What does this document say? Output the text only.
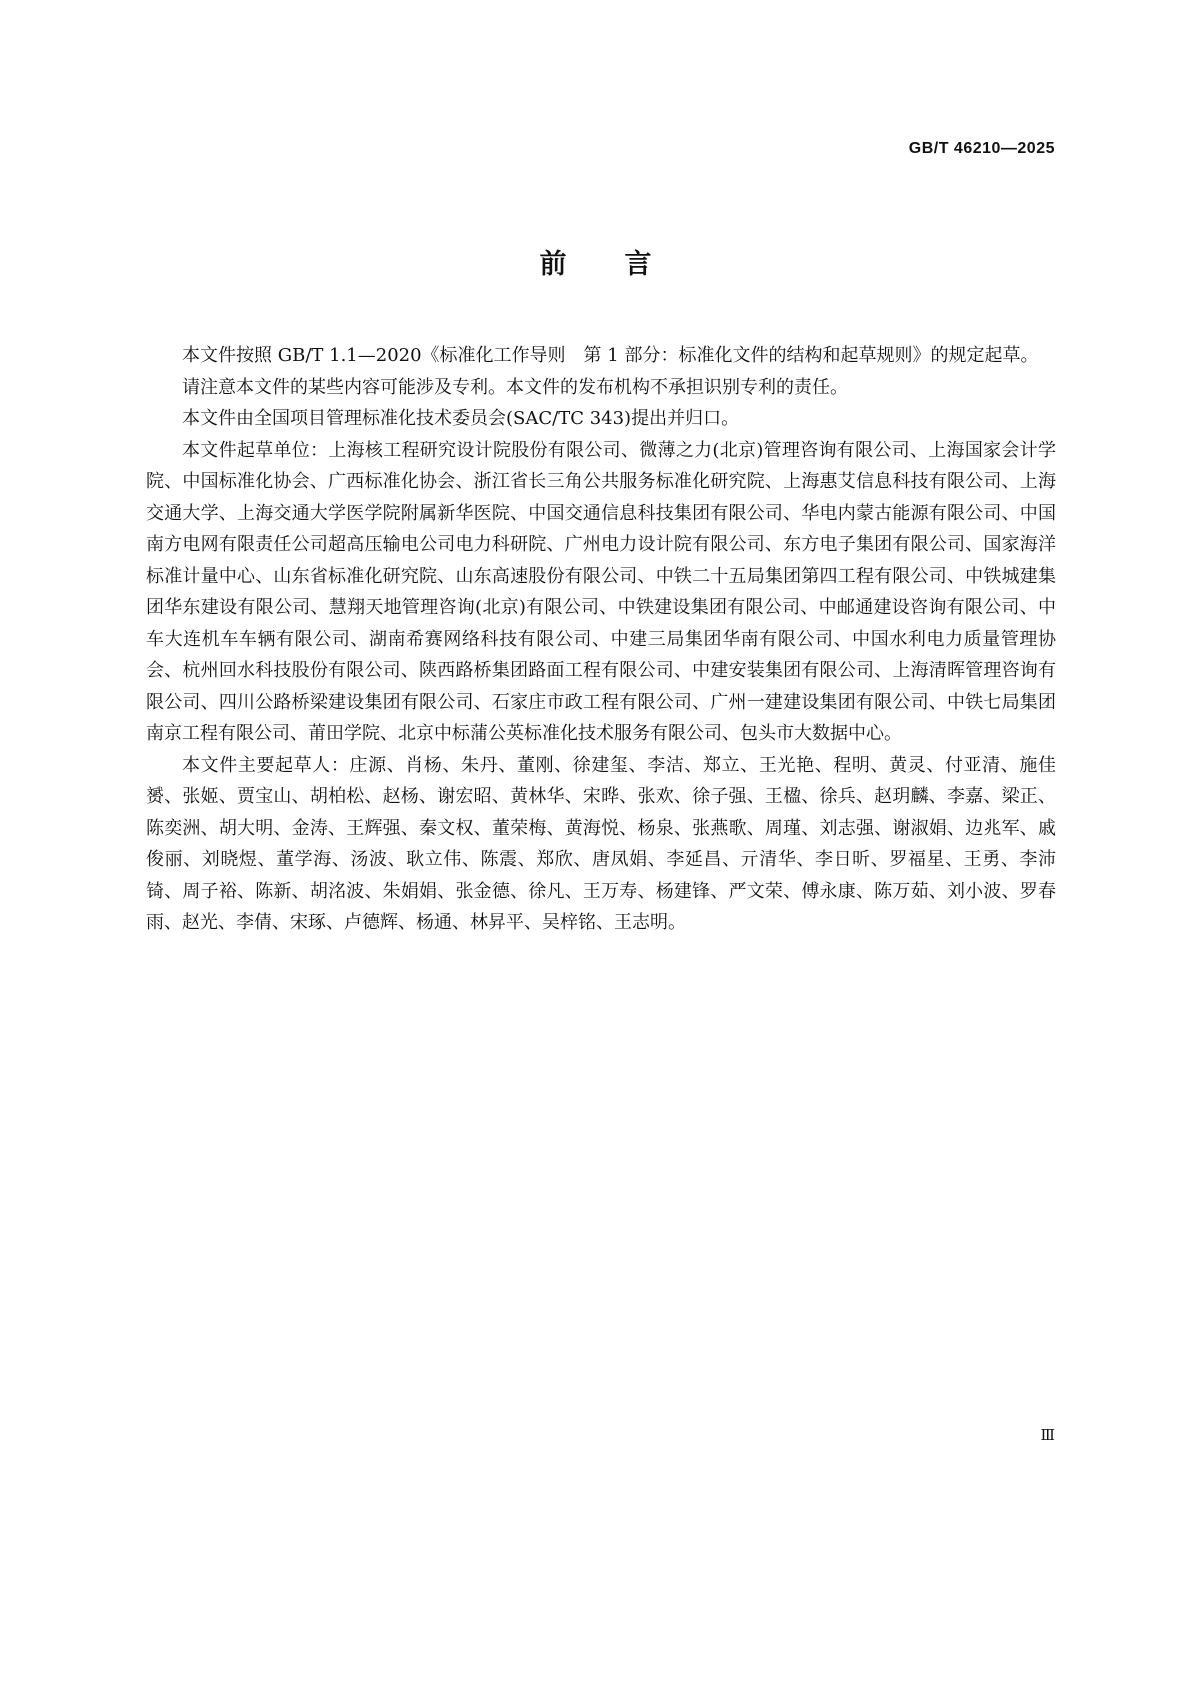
GB/T 46210—2025
前言

本文件按照 GB/T 1.1—2020《标准化工作导则　第 1 部分：标准化文件的结构和起草规则》的规定起草。

请注意本文件的某些内容可能涉及专利。本文件的发布机构不承担识别专利的责任。

本文件由全国项目管理标准化技术委员会(SAC/TC 343)提出并归口。

本文件起草单位：上海核工程研究设计院股份有限公司、微薄之力(北京)管理咨询有限公司、上海国家会计学院、中国标准化协会、广西标准化协会、浙江省长三角公共服务标准化研究院、上海惠艾信息科技有限公司、上海交通大学、上海交通大学医学院附属新华医院、中国交通信息科技集团有限公司、华电内蒙古能源有限公司、中国南方电网有限责任公司超高压输电公司电力科研院、广州电力设计院有限公司、东方电子集团有限公司、国家海洋标准计量中心、山东省标准化研究院、山东高速股份有限公司、中铁二十五局集团第四工程有限公司、中铁城建集团华东建设有限公司、慧翔天地管理咨询(北京)有限公司、中铁建设集团有限公司、中邮通建设咨询有限公司、中车大连机车车辆有限公司、湖南希赛网络科技有限公司、中建三局集团华南有限公司、中国水利电力质量管理协会、杭州回水科技股份有限公司、陕西路桥集团路面工程有限公司、中建安装集团有限公司、上海清晖管理咨询有限公司、四川公路桥梁建设集团有限公司、石家庄市政工程有限公司、广州一建建设集团有限公司、中铁七局集团南京工程有限公司、莆田学院、北京中标蒲公英标准化技术服务有限公司、包头市大数据中心。

本文件主要起草人：庄源、肖杨、朱丹、董刚、徐建玺、李洁、郑立、王光艳、程明、黄灵、付亚清、施佳赟、张姬、贾宝山、胡柏松、赵杨、谢宏昭、黄林华、宋晔、张欢、徐子强、王楹、徐兵、赵玥麟、李嘉、梁正、陈奕洲、胡大明、金涛、王辉强、秦文权、董荣梅、黄海悦、杨泉、张燕歌、周瑾、刘志强、谢淑娟、边兆军、戚俊丽、刘晓煜、董学海、汤波、耿立伟、陈震、郑欣、唐凤娟、李延昌、亓清华、李日昕、罗福星、王勇、李沛锜、周子裕、陈新、胡洺波、朱娟娟、张金德、徐凡、王万寿、杨建锋、严文荣、傅永康、陈万茹、刘小波、罗春雨、赵光、李倩、宋琢、卢德辉、杨通、林昇平、吴梓铭、王志明。

Ⅲ
